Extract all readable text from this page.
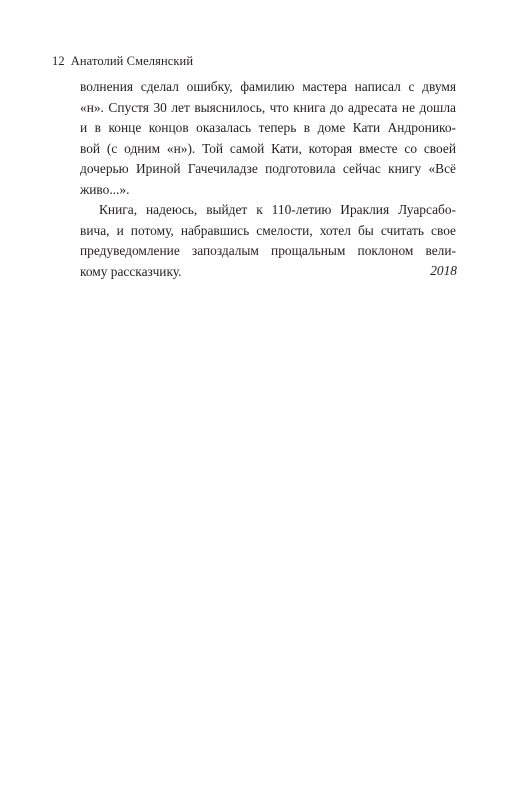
12 Анатолий Смелянский
волнения сделал ошибку, фамилию мастера написал с двумя
«н». Спустя 30 лет выяснилось, что книга до адресата не дошла
и в конце концов оказалась теперь в доме Кати Андронико-
вой (с одним «н»). Той самой Кати, которая вместе со своей
дочерью Ириной Гачечиладзе подготовила сейчас книгу «Всё
живо...».
Книга, надеюсь, выйдет к 110-летию Ираклия Луарсабо-
вича, и потому, набравшись смелости, хотел бы считать свое
предуведомление запоздалым прощальным поклоном вели-
кому рассказчику.	2018
